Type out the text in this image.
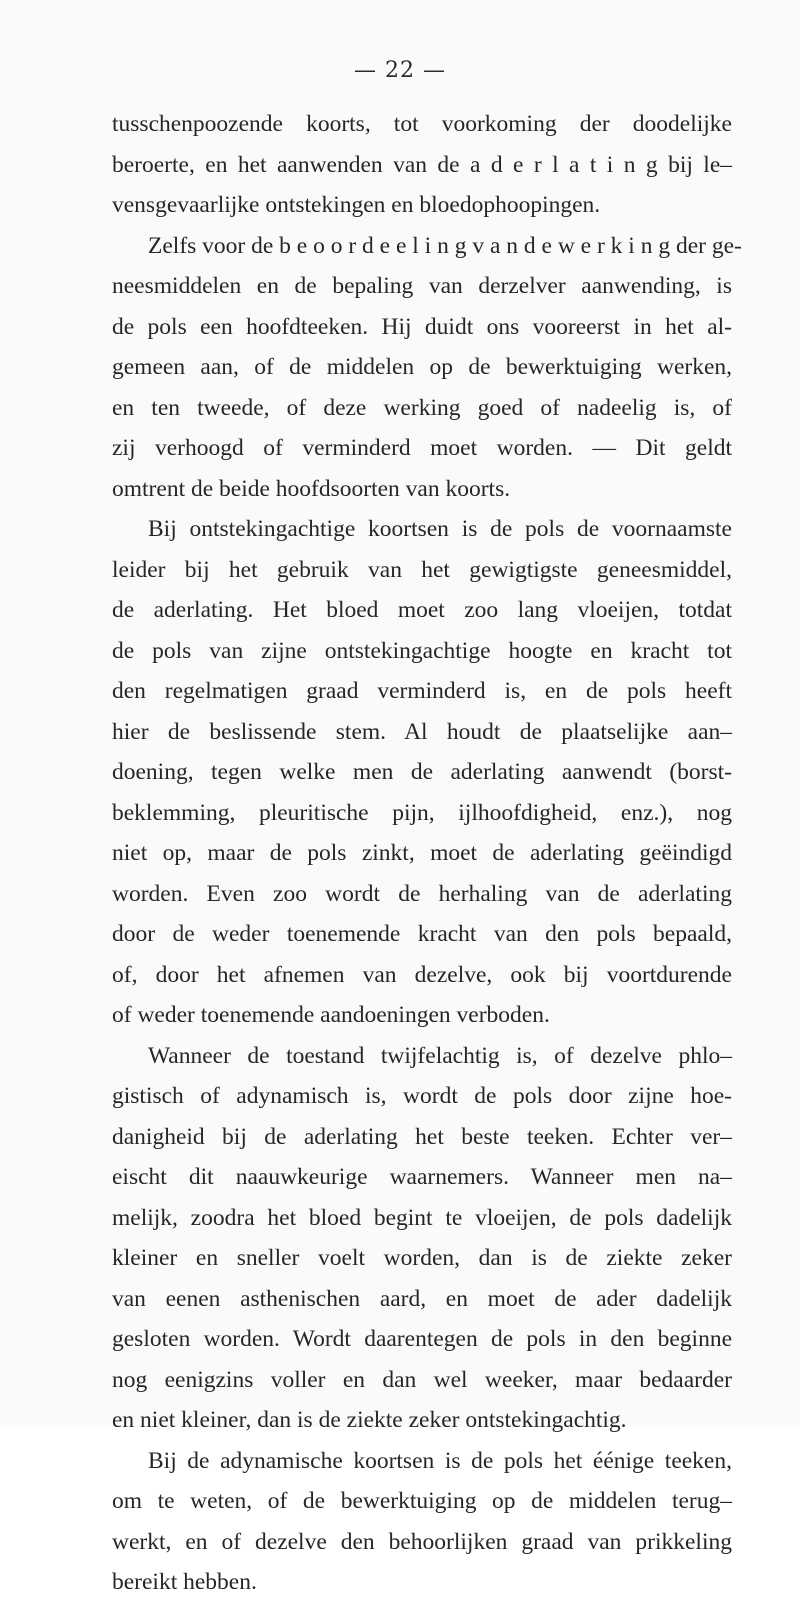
— 22 —
tusschenpoozende koorts, tot voorkoming der doodelijke
beroerte, en het aanwenden van de a d e r l a t i n g bij le–
vensgevaarlijke ontstekingen en bloedophoopingen.
Zelfs voor de b e o o r d e e l i n g v a n d e w e r k i n g der ge-
neesmiddelen en de bepaling van derzelver aanwending, is
de pols een hoofdteeken. Hij duidt ons vooreerst in het al-
gemeen aan, of de middelen op de bewerktuiging werken,
en ten tweede, of deze werking goed of nadeelig is, of
zij verhoogd of verminderd moet worden. — Dit geldt
omtrent de beide hoofdsoorten van koorts.
Bij ontstekingachtige koortsen is de pols de voornaamste
leider bij het gebruik van het gewigtigste geneesmiddel,
de aderlating. Het bloed moet zoo lang vloeijen, totdat
de pols van zijne ontstekingachtige hoogte en kracht tot
den regelmatigen graad verminderd is, en de pols heeft
hier de beslissende stem. Al houdt de plaatselijke aan–
doening, tegen welke men de aderlating aanwendt (borst-
beklemming, pleuritische pijn, ijlhoofdigheid, enz.), nog
niet op, maar de pols zinkt, moet de aderlating geëindigd
worden. Even zoo wordt de herhaling van de aderlating
door de weder toenemende kracht van den pols bepaald,
of, door het afnemen van dezelve, ook bij voortdurende
of weder toenemende aandoeningen verboden.
Wanneer de toestand twijfelachtig is, of dezelve phlo–
gistisch of adynamisch is, wordt de pols door zijne hoe-
danigheid bij de aderlating het beste teeken. Echter ver–
eischt dit naauwkeurige waarnemers. Wanneer men na–
melijk, zoodra het bloed begint te vloeijen, de pols dadelijk
kleiner en sneller voelt worden, dan is de ziekte zeker
van eenen asthenischen aard, en moet de ader dadelijk
gesloten worden. Wordt daarentegen de pols in den beginne
nog eenigzins voller en dan wel weeker, maar bedaarder
en niet kleiner, dan is de ziekte zeker ontstekingachtig.
Bij de adynamische koortsen is de pols het éénige teeken,
om te weten, of de bewerktuiging op de middelen terug–
werkt, en of dezelve den behoorlijken graad van prikkeling
bereikt hebben.
